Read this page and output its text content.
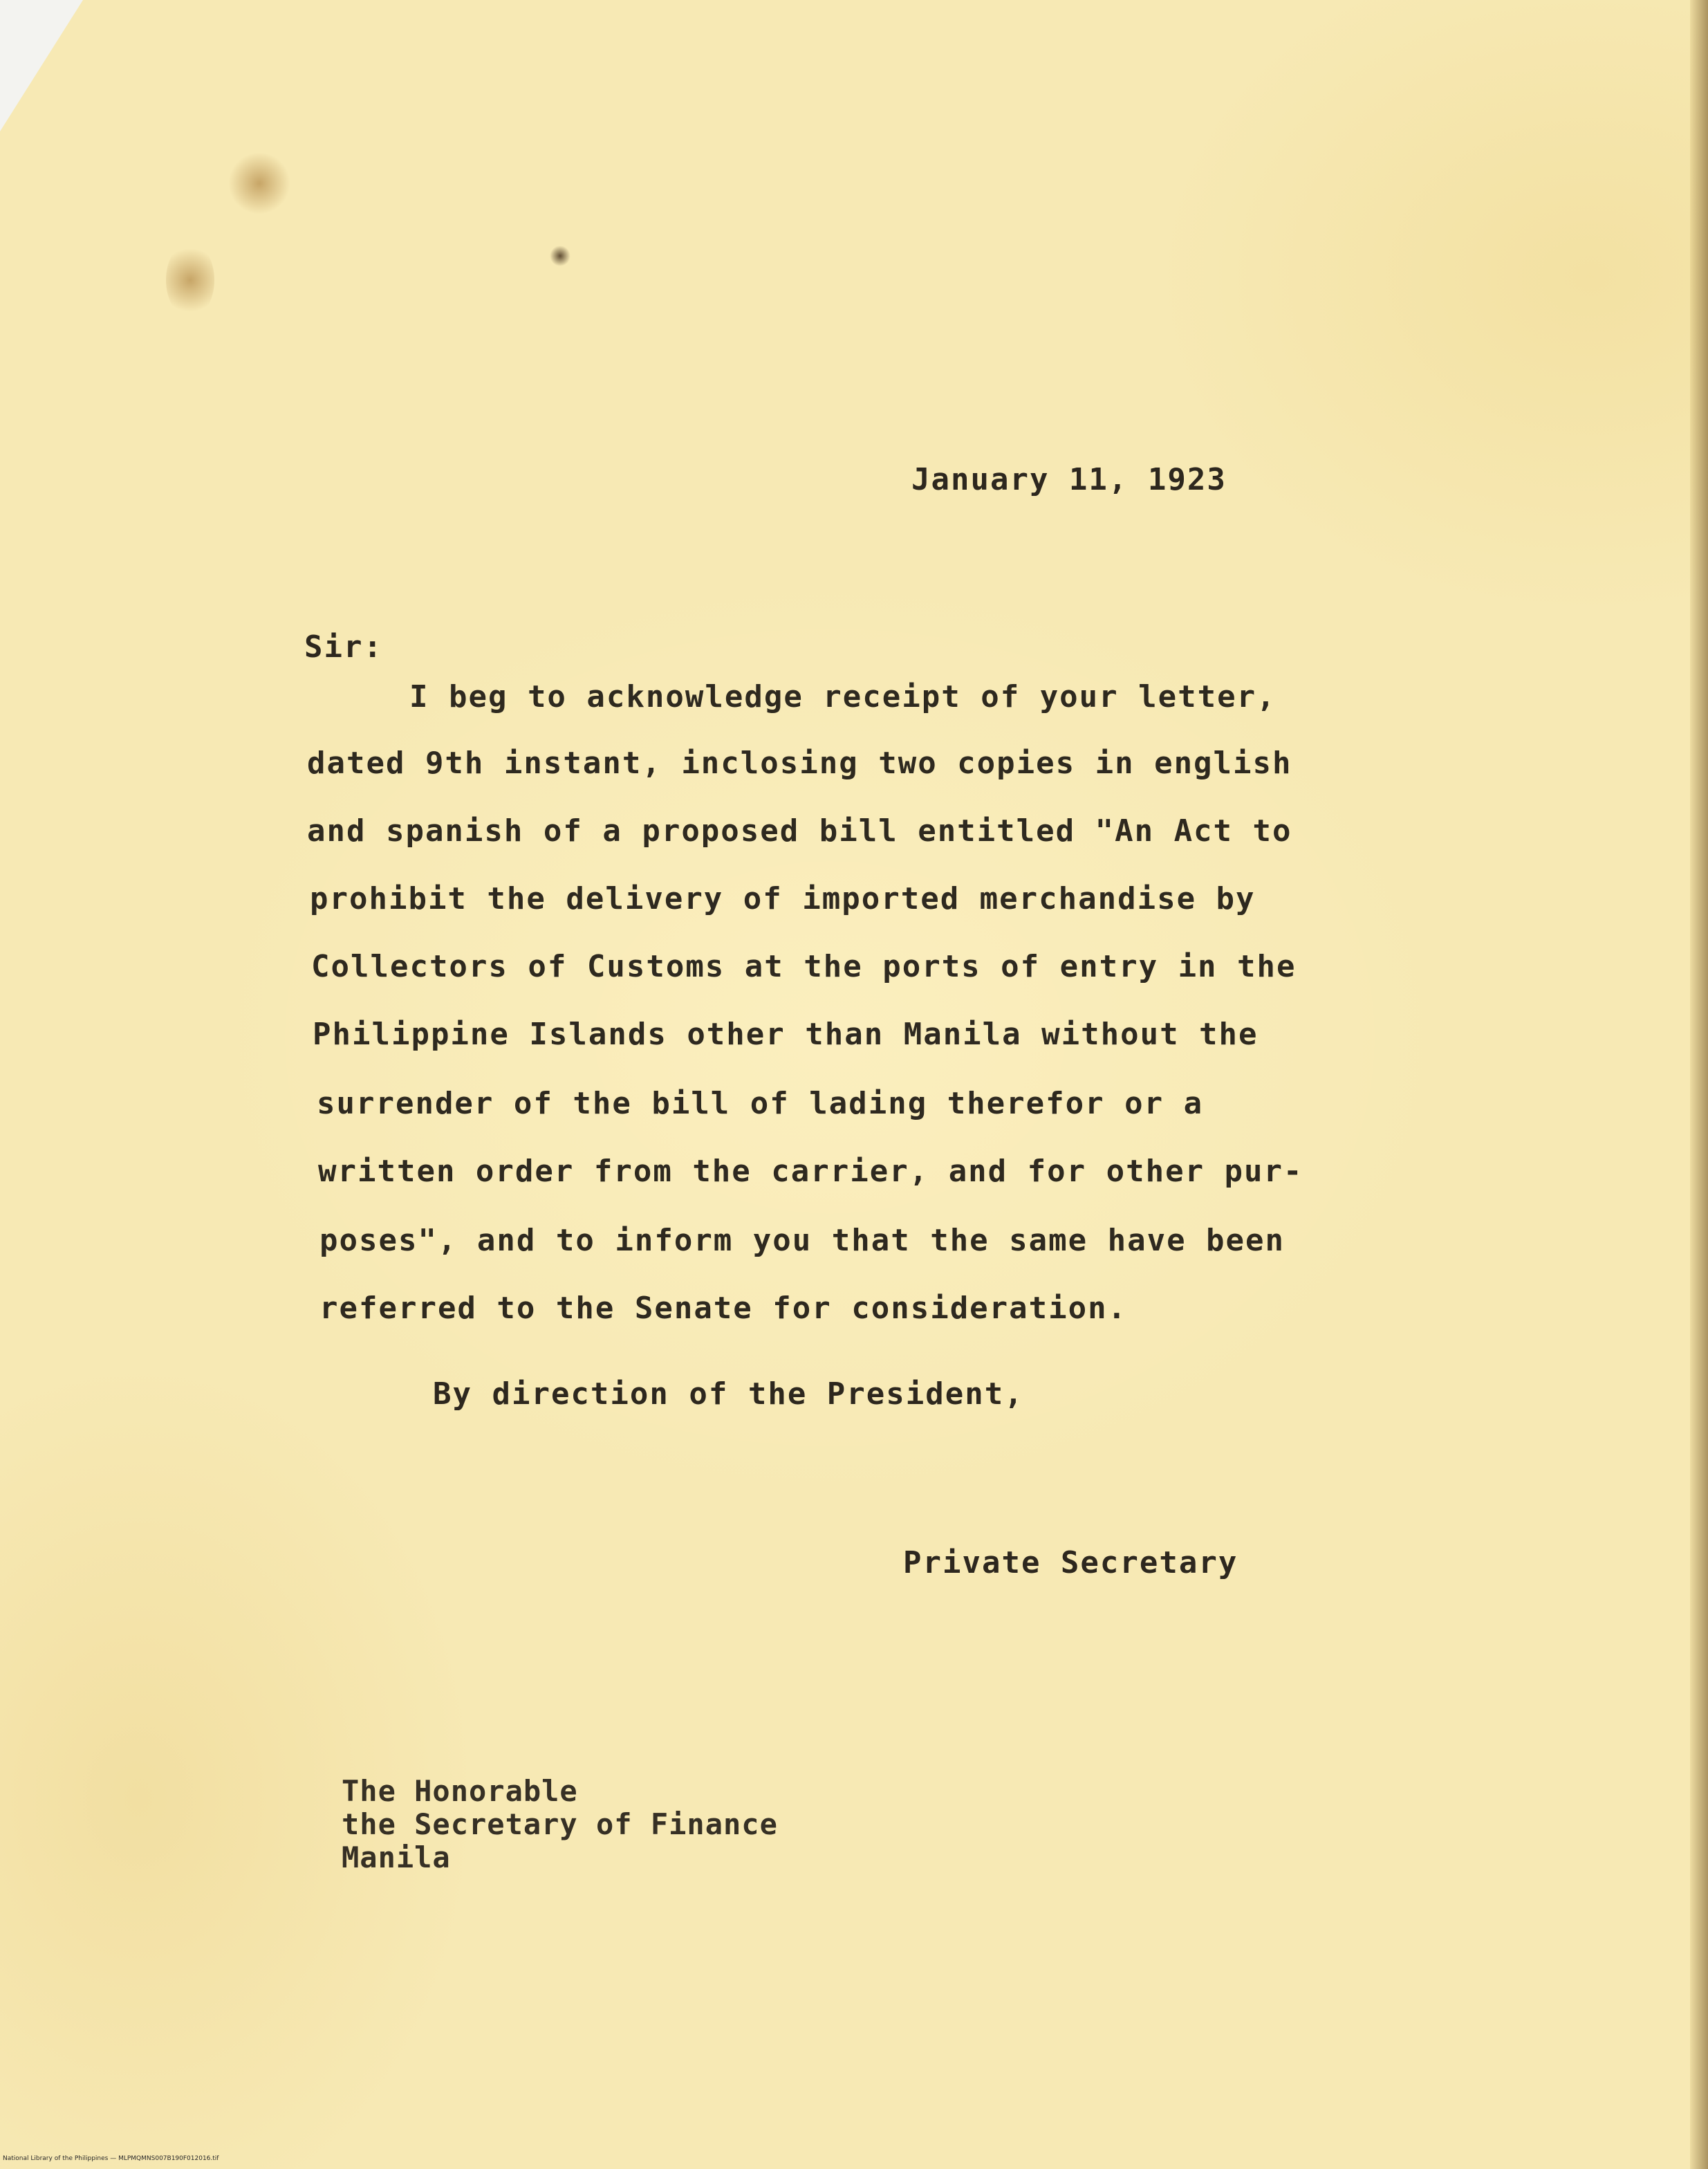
January 11, 1923
Sir:
I beg to acknowledge receipt of your letter,
dated 9th instant, inclosing two copies in english
and spanish of a proposed bill entitled "An Act to
prohibit the delivery of imported merchandise by
Collectors of Customs at the ports of entry in the
Philippine Islands other than Manila without the
surrender of the bill of lading therefor or a
written order from the carrier, and for other pur-
poses", and to inform you that the same have been
referred to the Senate for consideration.
By direction of the President,
Private Secretary
The Honorable
the Secretary of Finance
Manila
National Library of the Philippines — MLPMQMNS007B190F012016.tif
